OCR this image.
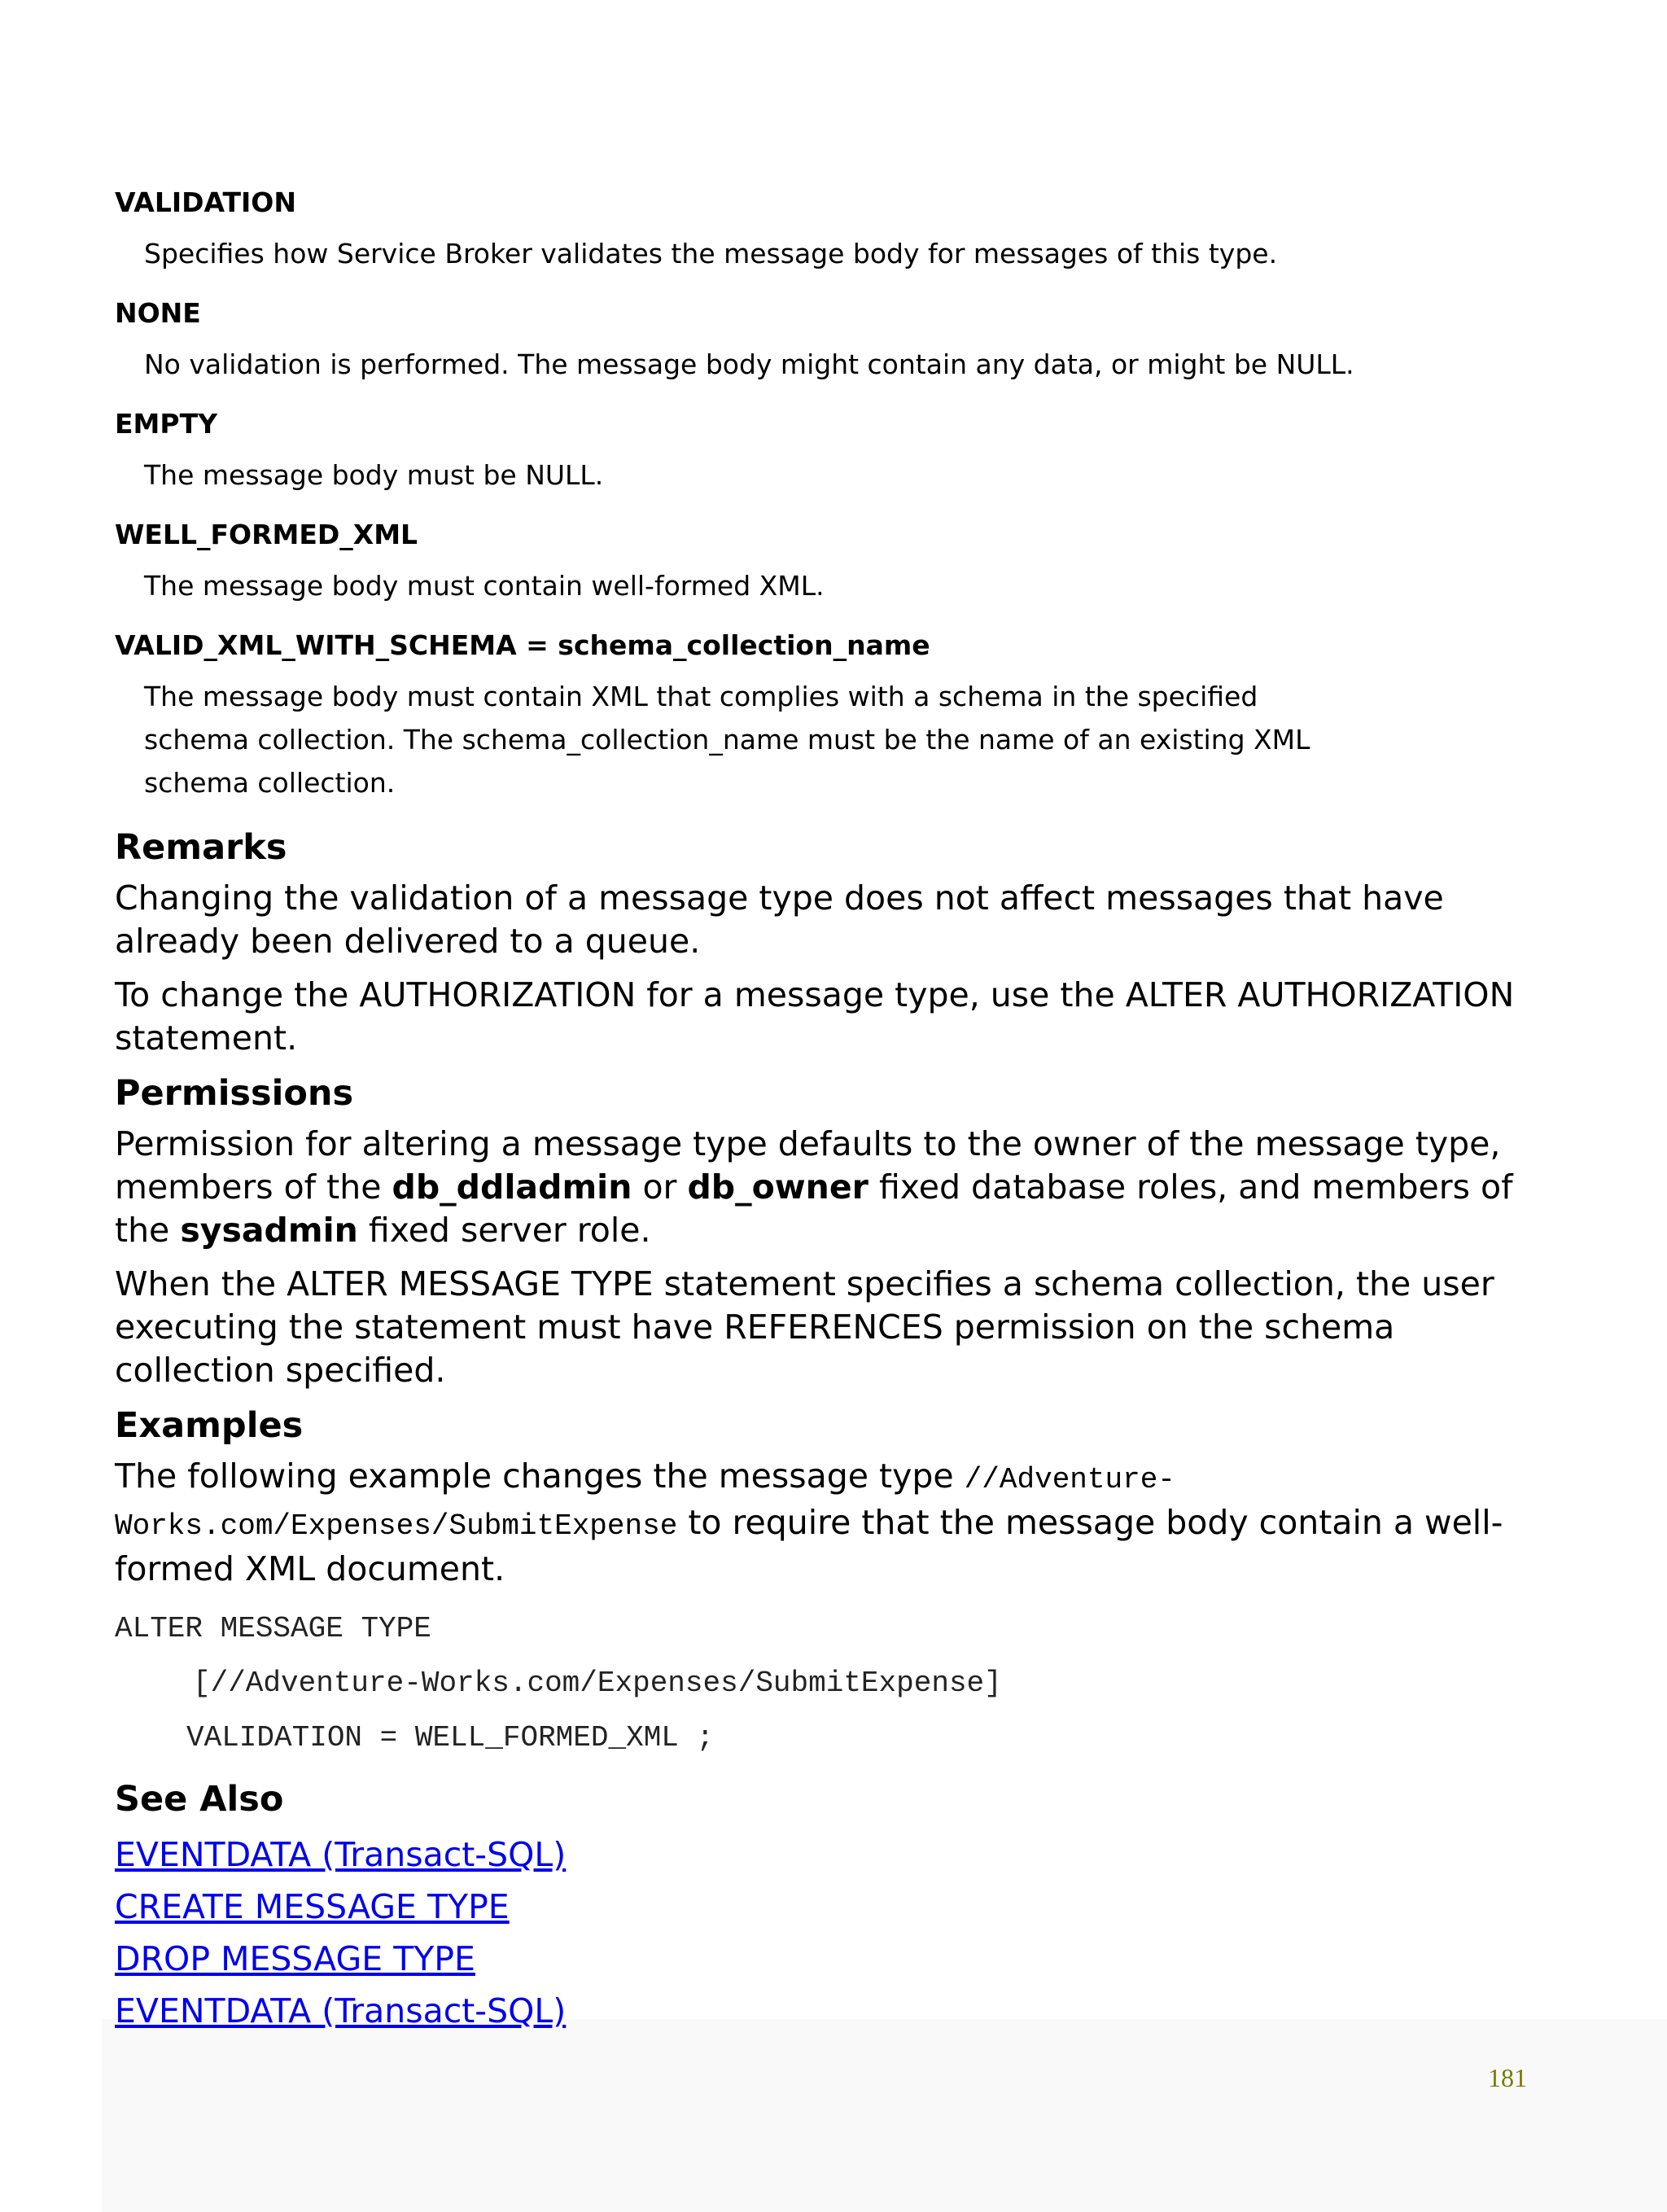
VALIDATION

Specifies how Service Broker validates the message body for messages of this type.

NONE

No validation is performed. The message body might contain any data, or might be NULL.

EMPTY

The message body must be NULL.

WELL_FORMED_XML

The message body must contain well-formed XML.

VALID_XML_WITH_SCHEMA = schema_collection_name

The message body must contain XML that complies with a schema in the specified schema collection. The schema_collection_name must be the name of an existing XML schema collection.

Remarks

Changing the validation of a message type does not affect messages that have already been delivered to a queue.

To change the AUTHORIZATION for a message type, use the ALTER AUTHORIZATION statement.

Permissions

Permission for altering a message type defaults to the owner of the message type, members of the db_ddladmin or db_owner fixed database roles, and members of the sysadmin fixed server role.

When the ALTER MESSAGE TYPE statement specifies a schema collection, the user executing the statement must have REFERENCES permission on the schema collection specified.

Examples

The following example changes the message type //Adventure-Works.com/Expenses/SubmitExpense to require that the message body contain a well-formed XML document.

ALTER MESSAGE TYPE
[//Adventure-Works.com/Expenses/SubmitExpense]
VALIDATION = WELL_FORMED_XML ;
See Also
EVENTDATA (Transact-SQL)
CREATE MESSAGE TYPE
DROP MESSAGE TYPE
EVENTDATA (Transact-SQL)
181
